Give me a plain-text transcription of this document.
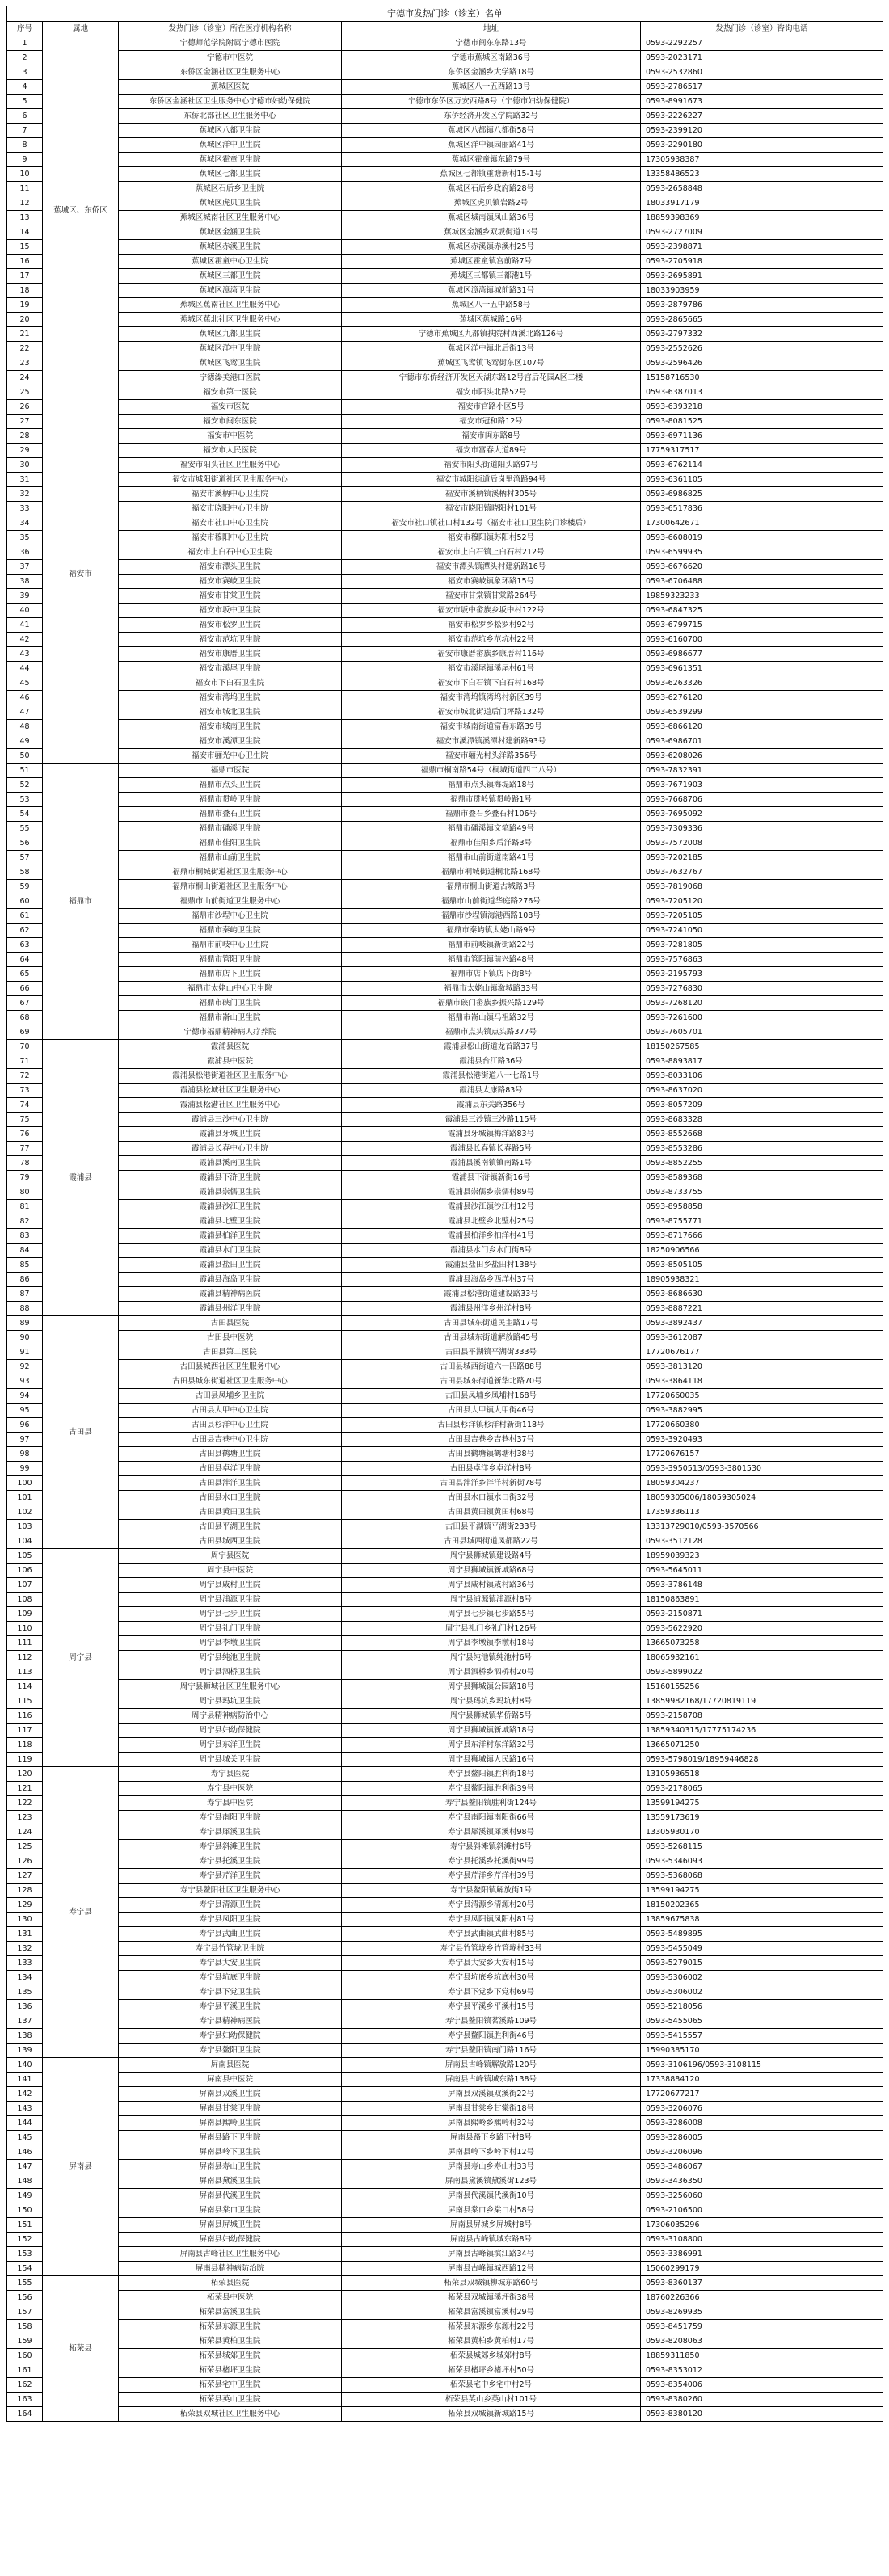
宁德市发热门诊（诊室）名单				
序号	属地	发热门诊（诊室）所在医疗机构名称	地址	发热门诊（诊室）咨询电话
1	蕉城区、东侨区	宁德师范学院附属宁德市医院	宁德市闽东东路13号	0593-2292257
2		宁德市中医院	宁德市蕉城区南路36号	0593-2023171
3		东侨区金涵社区卫生服务中心	东侨区金涵乡大学路18号	0593-2532860
4		蕉城区医院	蕉城区八一五西路13号	0593-2786517
5		东侨区金涵社区卫生服务中心宁德市妇幼保健院	宁德市东侨区万安西路8号（宁德市妇幼保健院）	0593-8991673
6		东侨北部社区卫生服务中心	东侨经济开发区学院路32号	0593-2226227
7		蕉城区八都卫生院	蕉城区八都镇八都街58号	0593-2399120
8		蕉城区洋中卫生院	蕉城区洋中镇园丽路41号	0593-2290180
9		蕉城区霍童卫生院	蕉城区霍童镇东路79号	17305938387
10		蕉城区七都卫生院	蕉城区七都镇重塘新村15-1号	13358486523
11		蕉城区石后乡卫生院	蕉城区石后乡政府路28号	0593-2658848
12		蕉城区虎贝卫生院	蕉城区虎贝镇岩路2号	18033917179
13		蕉城区城南社区卫生服务中心	蕉城区城南镇凤山路36号	18859398369
14		蕉城区金涵卫生院	蕉城区金涵乡双坂街道13号	0593-2727009
15		蕉城区赤溪卫生院	蕉城区赤溪镇赤溪村25号	0593-2398871
16		蕉城区霍童中心卫生院	蕉城区霍童镇宫前路7号	0593-2705918
17		蕉城区三都卫生院	蕉城区三都镇三都港1号	0593-2695891
18		蕉城区漳湾卫生院	蕉城区漳湾镇城前路31号	18033903959
19		蕉城区蕉南社区卫生服务中心	蕉城区八一五中路58号	0593-2879786
20		蕉城区蕉北社区卫生服务中心	蕉城区蕉城路16号	0593-2865665
21		蕉城区九都卫生院	宁德市蕉城区九都镇扶院村西溪北路126号	0593-2797332
22		蕉城区洋中卫生院	蕉城区洋中镇北后街13号	0593-2552626
23		蕉城区飞鸾卫生院	蕉城区飞鸾镇飞鸾街东区107号	0593-2596426
24		宁德溱美港口医院	宁德市东侨经济开发区天湖东路12号宫后花园A区二楼	15158716530
25	福安市	福安市第一医院	福安市阳头北路52号	0593-6387013
26		福安市医院	福安市官路小区5号	0593-6393218
27		福安市闽东医院	福安市冠和路12号	0593-8081525
28		福安市中医院	福安市闽东路8号	0593-6971136
29		福安市人民医院	福安市富春大道89号	17759317517
30		福安市阳头社区卫生服务中心	福安市阳头街道阳头路97号	0593-6762114
31		福安市城阳街道社区卫生服务中心	福安市城阳街道后岗里湾路94号	0593-6361105
32		福安市溪柄中心卫生院	福安市溪柄镇溪柄村305号	0593-6986825
33		福安市晓阳中心卫生院	福安市晓阳镇晓阳村101号	0593-6517836
34		福安市社口中心卫生院	福安市社口镇社口村132号（福安市社口卫生院门诊楼后）	17300642671
35		福安市穆阳中心卫生院	福安市穆阳镇苏阳村52号	0593-6608019
36		福安市上白石中心卫生院	福安市上白石镇上白石村212号	0593-6599935
37		福安市潭头卫生院	福安市潭头镇潭头村建新路16号	0593-6676620
38		福安市赛岐卫生院	福安市赛岐镇象环路15号	0593-6706488
39		福安市甘棠卫生院	福安市甘棠镇甘棠路264号	19859323233
40		福安市坂中卫生院	福安市坂中畲族乡坂中村122号	0593-6847325
41		福安市松罗卫生院	福安市松罗乡松罗村92号	0593-6799715
42		福安市范坑卫生院	福安市范坑乡范坑村22号	0593-6160700
43		福安市康厝卫生院	福安市康厝畲族乡康厝村116号	0593-6986677
44		福安市溪尾卫生院	福安市溪尾镇溪尾村61号	0593-6961351
45		福安市下白石卫生院	福安市下白石镇下白石村168号	0593-6263326
46		福安市湾坞卫生院	福安市湾坞镇湾坞村新区39号	0593-6276120
47		福安市城北卫生院	福安市城北街道后门坪路132号	0593-6539299
48		福安市城南卫生院	福安市城南街道富春东路39号	0593-6866120
49		福安市溪潭卫生院	福安市溪潭镇溪潭村建新路93号	0593-6986701
50		福安市骊光中心卫生院	福安市骊光村头洋路356号	0593-6208026
51	福鼎市	福鼎市医院	福鼎市桐南路54号（桐城街道四二八号）	0593-7832391
52		福鼎市点头卫生院	福鼎市点头镇海堤路18号	0593-7671903
53		福鼎市贯岭卫生院	福鼎市贯岭镇贯岭路1号	0593-7668706
54		福鼎市叠石卫生院	福鼎市叠石乡叠石村106号	0593-7695092
55		福鼎市磻溪卫生院	福鼎市磻溪镇文笔路49号	0593-7309336
56		福鼎市佳阳卫生院	福鼎市佳阳乡后洋路3号	0593-7572008
57		福鼎市山前卫生院	福鼎市山前街道南路41号	0593-7202185
58		福鼎市桐城街道社区卫生服务中心	福鼎市桐城街道桐北路168号	0593-7632767
59		福鼎市桐山街道社区卫生服务中心	福鼎市桐山街道古城路3号	0593-7819068
60		福鼎市山前街道卫生服务中心	福鼎市山前街道华庭路276号	0593-7205120
61		福鼎市沙埕中心卫生院	福鼎市沙埕镇海港西路108号	0593-7205105
62		福鼎市秦屿卫生院	福鼎市秦屿镇太姥山路9号	0593-7241050
63		福鼎市前岐中心卫生院	福鼎市前岐镇新街路22号	0593-7281805
64		福鼎市管阳卫生院	福鼎市管阳镇前兴路48号	0593-7576863
65		福鼎市店下卫生院	福鼎市店下镇店下街8号	0593-2195793
66		福鼎市太姥山中心卫生院	福鼎市太姥山镇潋城路33号	0593-7276830
67		福鼎市硖门卫生院	福鼎市硖门畲族乡振兴路129号	0593-7268120
68		福鼎市嵛山卫生院	福鼎市嵛山镇马祖路32号	0593-7261600
69		宁德市福鼎精神病人疗养院	福鼎市点头镇点头路377号	0593-7605701
70	霞浦县	霞浦县医院	霞浦县松山街道龙首路37号	18150267585
71		霞浦县中医院	霞浦县台江路36号	0593-8893817
72		霞浦县松港街道社区卫生服务中心	霞浦县松港街道八一七路1号	0593-8033106
73		霞浦县松城社区卫生服务中心	霞浦县太康路83号	0593-8637020
74		霞浦县松港社区卫生服务中心	霞浦县东关路356号	0593-8057209
75		霞浦县三沙中心卫生院	霞浦县三沙镇三沙路115号	0593-8683328
76		霞浦县牙城卫生院	霞浦县牙城镇梅洋路83号	0593-8552668
77		霞浦县长春中心卫生院	霞浦县长春镇长春路5号	0593-8553286
78		霞浦县溪南卫生院	霞浦县溪南镇镇南路1号	0593-8852255
79		霞浦县下浒卫生院	霞浦县下浒镇新街16号	0593-8589368
80		霞浦县崇儒卫生院	霞浦县崇儒乡崇儒村89号	0593-8733755
81		霞浦县沙江卫生院	霞浦县沙江镇沙江村12号	0593-8958858
82		霞浦县北壁卫生院	霞浦县北壁乡北壁村25号	0593-8755771
83		霞浦县柏洋卫生院	霞浦县柏洋乡柏洋村41号	0593-8717666
84		霞浦县水门卫生院	霞浦县水门乡水门街8号	18250906566
85		霞浦县盐田卫生院	霞浦县盐田乡盐田村138号	0593-8505105
86		霞浦县海岛卫生院	霞浦县海岛乡西洋村37号	18905938321
87		霞浦县精神病医院	霞浦县松港街道建设路33号	0593-8686630
88		霞浦县州洋卫生院	霞浦县州洋乡州洋村8号	0593-8887221
89	古田县	古田县医院	古田县城东街道民主路17号	0593-3892437
90		古田县中医院	古田县城东街道解放路45号	0593-3612087
91		古田县第二医院	古田县平湖镇平湖街333号	17720676177
92		古田县城西社区卫生服务中心	古田县城西街道六一四路88号	0593-3813120
93		古田县城东街道社区卫生服务中心	古田县城东街道新华北路70号	0593-3864118
94		古田县凤埔乡卫生院	古田县凤埔乡凤埔村168号	17720660035
95		古田县大甲中心卫生院	古田县大甲镇大甲街46号	0593-3882995
96		古田县杉洋中心卫生院	古田县杉洋镇杉洋村新街118号	17720660380
97		古田县吉巷中心卫生院	古田县吉巷乡吉巷村37号	0593-3920493
98		古田县鹤塘卫生院	古田县鹤塘镇鹤塘村38号	17720676157
99		古田县卓洋卫生院	古田县卓洋乡卓洋村8号	0593-3950513/0593-3801530
100		古田县泮洋卫生院	古田县泮洋乡泮洋村新街78号	18059304237
101		古田县水口卫生院	古田县水口镇水口街32号	18059305006/18059305024
102		古田县黄田卫生院	古田县黄田镇黄田村68号	17359336113
103		古田县平湖卫生院	古田县平湖镇平湖街233号	13313729010/0593-3570566
104		古田县城西卫生院	古田县城西街道凤都路22号	0593-3512128
105	周宁县	周宁县医院	周宁县狮城镇建设路4号	18959039323
106		周宁县中医院	周宁县狮城镇新城路68号	0593-5645011
107		周宁县咸村卫生院	周宁县咸村镇咸村路36号	0593-3786148
108		周宁县浦源卫生院	周宁县浦源镇浦源村8号	18150863891
109		周宁县七步卫生院	周宁县七步镇七步路55号	0593-2150871
110		周宁县礼门卫生院	周宁县礼门乡礼门村126号	0593-5622920
111		周宁县李墩卫生院	周宁县李墩镇李墩村18号	13665073258
112		周宁县纯池卫生院	周宁县纯池镇纯池村6号	18065932161
113		周宁县泗桥卫生院	周宁县泗桥乡泗桥村20号	0593-5899022
114		周宁县狮城社区卫生服务中心	周宁县狮城镇公园路18号	15160155256
115		周宁县玛坑卫生院	周宁县玛坑乡玛坑村8号	13859982168/17720819119
116		周宁县精神病防治中心	周宁县狮城镇华侨路5号	0593-2158708
117		周宁县妇幼保健院	周宁县狮城镇新城路18号	13859340315/17775174236
118		周宁县东洋卫生院	周宁县东洋村东洋路32号	13665071250
119		周宁县城关卫生院	周宁县狮城镇人民路16号	0593-5798019/18959446828
120	寿宁县	寿宁县医院	寿宁县鳌阳镇胜利街18号	13105936518
121		寿宁县中医院	寿宁县鳌阳镇胜利街39号	0593-2178065
122		寿宁县中医院	寿宁县鳌阳镇胜利街124号	13599194275
123		寿宁县南阳卫生院	寿宁县南阳镇南阳街66号	13559173619
124		寿宁县犀溪卫生院	寿宁县犀溪镇犀溪村98号	13305930170
125		寿宁县斜滩卫生院	寿宁县斜滩镇斜滩村6号	0593-5268115
126		寿宁县托溪卫生院	寿宁县托溪乡托溪街99号	0593-5346093
127		寿宁县芹洋卫生院	寿宁县芹洋乡芹洋村39号	0593-5368068
128		寿宁县鳌阳社区卫生服务中心	寿宁县鳌阳镇解放街1号	13599194275
129		寿宁县清源卫生院	寿宁县清源乡清源村20号	18150202365
130		寿宁县凤阳卫生院	寿宁县凤阳镇凤阳村81号	13859675838
131		寿宁县武曲卫生院	寿宁县武曲镇武曲村85号	0593-5489895
132		寿宁县竹管垅卫生院	寿宁县竹管垅乡竹管垅村33号	0593-5455049
133		寿宁县大安卫生院	寿宁县大安乡大安村15号	0593-5279015
134		寿宁县坑底卫生院	寿宁县坑底乡坑底村30号	0593-5306002
135		寿宁县下党卫生院	寿宁县下党乡下党村69号	0593-5306002
136		寿宁县平溪卫生院	寿宁县平溪乡平溪村15号	0593-5218056
137		寿宁县精神病医院	寿宁县鳌阳镇茗溪路109号	0593-5455065
138		寿宁县妇幼保健院	寿宁县鳌阳镇胜利街46号	0593-5415557
139		寿宁县鳌阳卫生院	寿宁县鳌阳镇南门路116号	15990385170
140	屏南县	屏南县医院	屏南县古峰镇解放路120号	0593-3106196/0593-3108115
141		屏南县中医院	屏南县古峰镇城东路138号	17338884120
142		屏南县双溪卫生院	屏南县双溪镇双溪街22号	17720677217
143		屏南县甘棠卫生院	屏南县甘棠乡甘棠街18号	0593-3206076
144		屏南县熙岭卫生院	屏南县熙岭乡熙岭村32号	0593-3286008
145		屏南县路下卫生院	屏南县路下乡路下村8号	0593-3286005
146		屏南县岭下卫生院	屏南县岭下乡岭下村12号	0593-3206096
147		屏南县寿山卫生院	屏南县寿山乡寿山村33号	0593-3486067
148		屏南县黛溪卫生院	屏南县黛溪镇黛溪街123号	0593-3436350
149		屏南县代溪卫生院	屏南县代溪镇代溪街10号	0593-3256060
150		屏南县棠口卫生院	屏南县棠口乡棠口村58号	0593-2106500
151		屏南县屏城卫生院	屏南县屏城乡屏城村8号	17306035296
152		屏南县妇幼保健院	屏南县古峰镇城东路8号	0593-3108800
153		屏南县古峰社区卫生服务中心	屏南县古峰镇滨江路34号	0593-3386991
154		屏南县精神病防治院	屏南县古峰镇城西路12号	15060299179
155	柘荣县	柘荣县医院	柘荣县双城镇柳城东路60号	0593-8360137
156		柘荣县中医院	柘荣县双城镇溪坪街38号	18760226366
157		柘荣县富溪卫生院	柘荣县富溪镇富溪村29号	0593-8269935
158		柘荣县东源卫生院	柘荣县东源乡东源村22号	0593-8451759
159		柘荣县黄柏卫生院	柘荣县黄柏乡黄柏村17号	0593-8208063
160		柘荣县城郊卫生院	柘荣县城郊乡城郊村8号	18859311850
161		柘荣县楮坪卫生院	柘荣县楮坪乡楮坪村50号	0593-8353012
162		柘荣县宅中卫生院	柘荣县宅中乡宅中村2号	0593-8354006
163		柘荣县英山卫生院	柘荣县英山乡英山村101号	0593-8380260
164		柘荣县双城社区卫生服务中心	柘荣县双城镇新城路15号	0593-8380120
